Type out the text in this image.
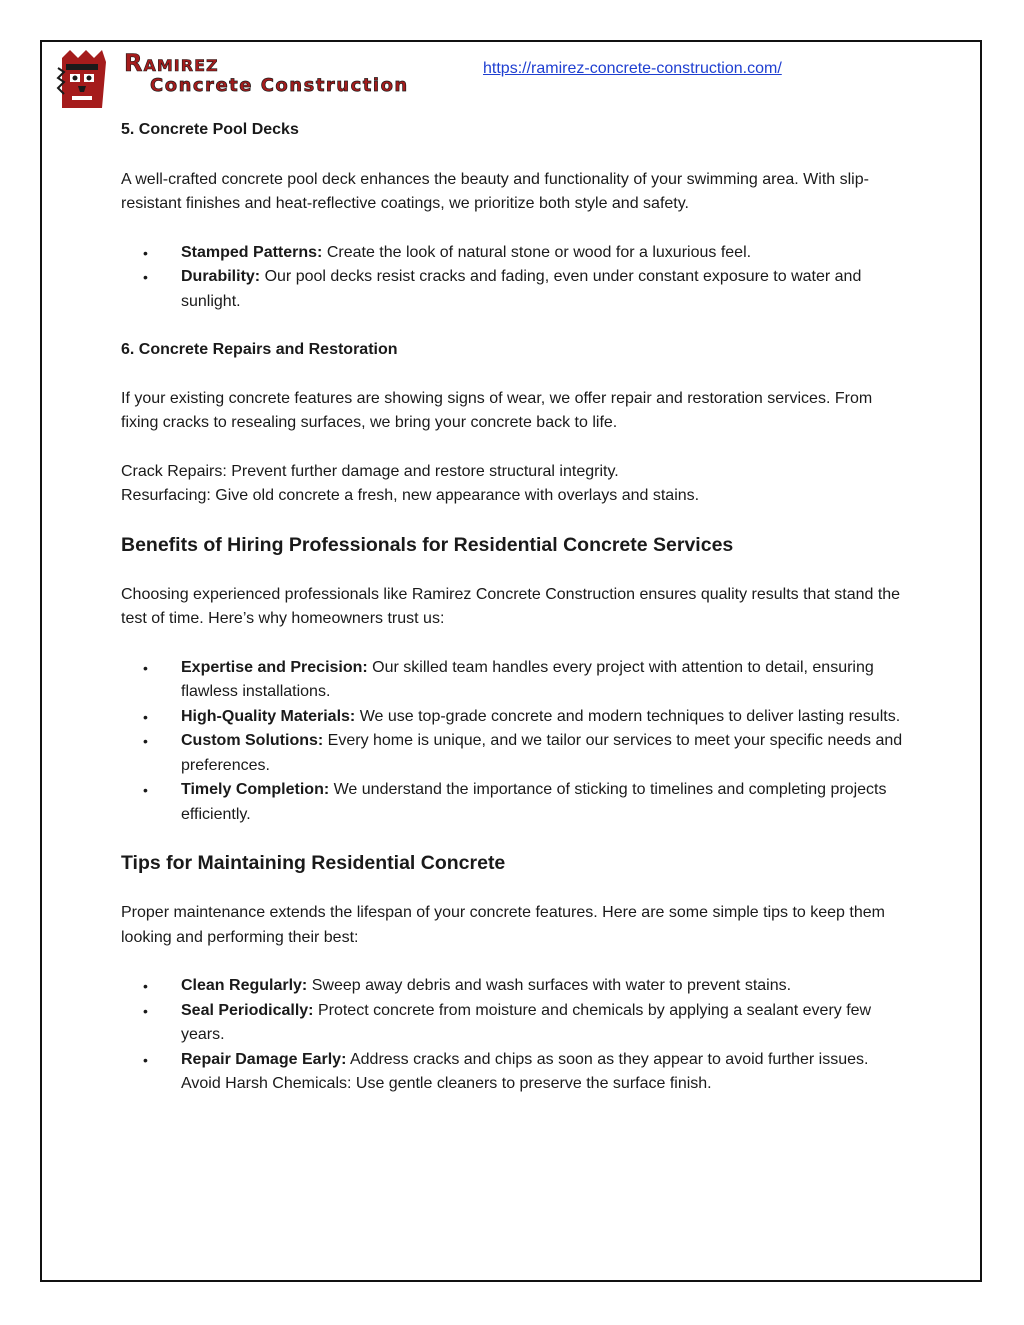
RAMIREZ
Concrete Construction
https://ramirez-concrete-construction.com/

5. Concrete Pool Decks

A well-crafted concrete pool deck enhances the beauty and functionality of your swimming area. With slip-resistant finishes and heat-reflective coatings, we prioritize both style and safety.

• Stamped Patterns: Create the look of natural stone or wood for a luxurious feel.
• Durability: Our pool decks resist cracks and fading, even under constant exposure to water and sunlight.

6. Concrete Repairs and Restoration

If your existing concrete features are showing signs of wear, we offer repair and restoration services. From fixing cracks to resealing surfaces, we bring your concrete back to life.

Crack Repairs: Prevent further damage and restore structural integrity.

Resurfacing: Give old concrete a fresh, new appearance with overlays and stains.

Benefits of Hiring Professionals for Residential Concrete Services

Choosing experienced professionals like Ramirez Concrete Construction ensures quality results that stand the test of time. Here’s why homeowners trust us:

• Expertise and Precision: Our skilled team handles every project with attention to detail, ensuring flawless installations.
• High-Quality Materials: We use top-grade concrete and modern techniques to deliver lasting results.
• Custom Solutions: Every home is unique, and we tailor our services to meet your specific needs and preferences.
• Timely Completion: We understand the importance of sticking to timelines and completing projects efficiently.

Tips for Maintaining Residential Concrete

Proper maintenance extends the lifespan of your concrete features. Here are some simple tips to keep them looking and performing their best:

• Clean Regularly: Sweep away debris and wash surfaces with water to prevent stains.
• Seal Periodically: Protect concrete from moisture and chemicals by applying a sealant every few years.
• Repair Damage Early: Address cracks and chips as soon as they appear to avoid further issues.

Avoid Harsh Chemicals: Use gentle cleaners to preserve the surface finish.
